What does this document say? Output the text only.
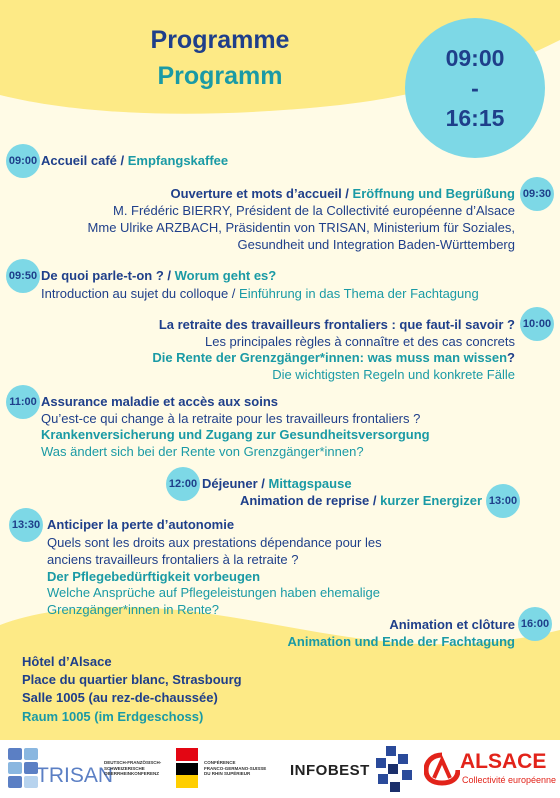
Programme
Programm
09:00
-
16:15
09:00 Accueil café / Empfangskaffee
09:30
Ouverture et mots d’accueil / Eröffnung und Begrüßung
M. Frédéric BIERRY, Président de la Collectivité européenne d’Alsace
Mme Ulrike ARZBACH, Präsidentin von TRISAN, Ministerium für Soziales,
Gesundheit und Integration Baden-Württemberg
09:50 De quoi parle-t-on ? / Worum geht es?
Introduction au sujet du colloque / Einführung in das Thema der Fachtagung
10:00
La retraite des travailleurs frontaliers : que faut-il savoir ?
Les principales règles à connaître et des cas concrets
Die Rente der Grenzgänger*innen: was muss man wissen?
Die wichtigsten Regeln und konkrete Fälle
11:00 Assurance maladie et accès aux soins
Qu’est-ce qui change à la retraite pour les travailleurs frontaliers ?
Krankenversicherung und Zugang zur Gesundheitsversorgung
Was ändert sich bei der Rente von Grenzgänger*innen?
12:00 Déjeuner / Mittagspause
13:00
Animation de reprise / kurzer Energizer
13:30 Anticiper la perte d’autonomie
Quels sont les droits aux prestations dépendance pour les
anciens travailleurs frontaliers à la retraite ?
Der Pflegebedürftigkeit vorbeugen
Welche Ansprüche auf Pflegeleistungen haben ehemalige
Grenzgänger*innen in Rente?
16:00
Animation et clôture
Animation und Ende der Fachtagung
Hôtel d’Alsace
Place du quartier blanc, Strasbourg
Salle 1005 (au rez-de-chaussée)
Raum 1005 (im Erdgeschoss)
TRISAN
DEUTSCH-FRANZÖSISCH-
SCHWEIZERISCHE
OBERRHEINKONFERENZ
CONFÉRENCE
FRANCO-GERMANO-SUISSE
DU RHIN SUPÉRIEUR	INFOBEST	ALSACE
Collectivité européenne
